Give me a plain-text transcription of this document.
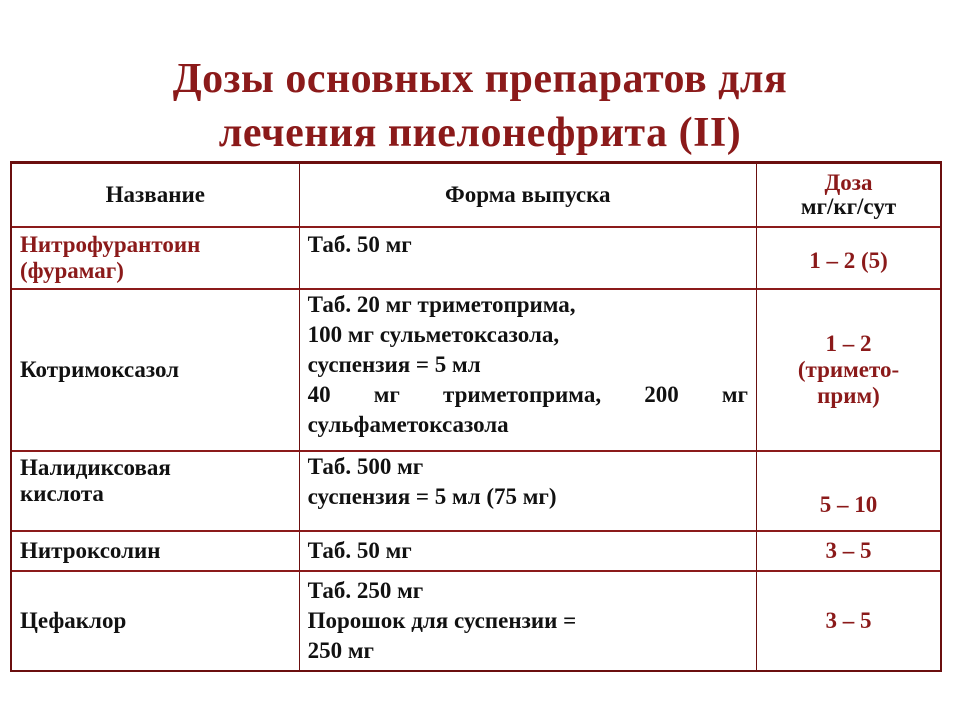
Дозы основных препаратов для
лечения пиелонефрита (II)
Название	Форма выпуска	Доза
мг/кг/сут

Нитрофурантоин
(фурамаг)	Таб. 50 мг	1 – 2 (5)

Котримоксазол	Таб. 20 мг триметоприма,
100 мг сульметоксазола,
суспензия = 5 мл
40 мг триметоприма, 200 мг
сульфаметоксазола	1 – 2
(тримето-
прим)

Налидиксовая
кислота	Таб. 500 мг
суспензия = 5 мл (75 мг)	5 – 10

Нитроксолин	Таб. 50 мг	3 – 5

Цефаклор	Таб. 250 мг
Порошок для суспензии =
250 мг	3 – 5
